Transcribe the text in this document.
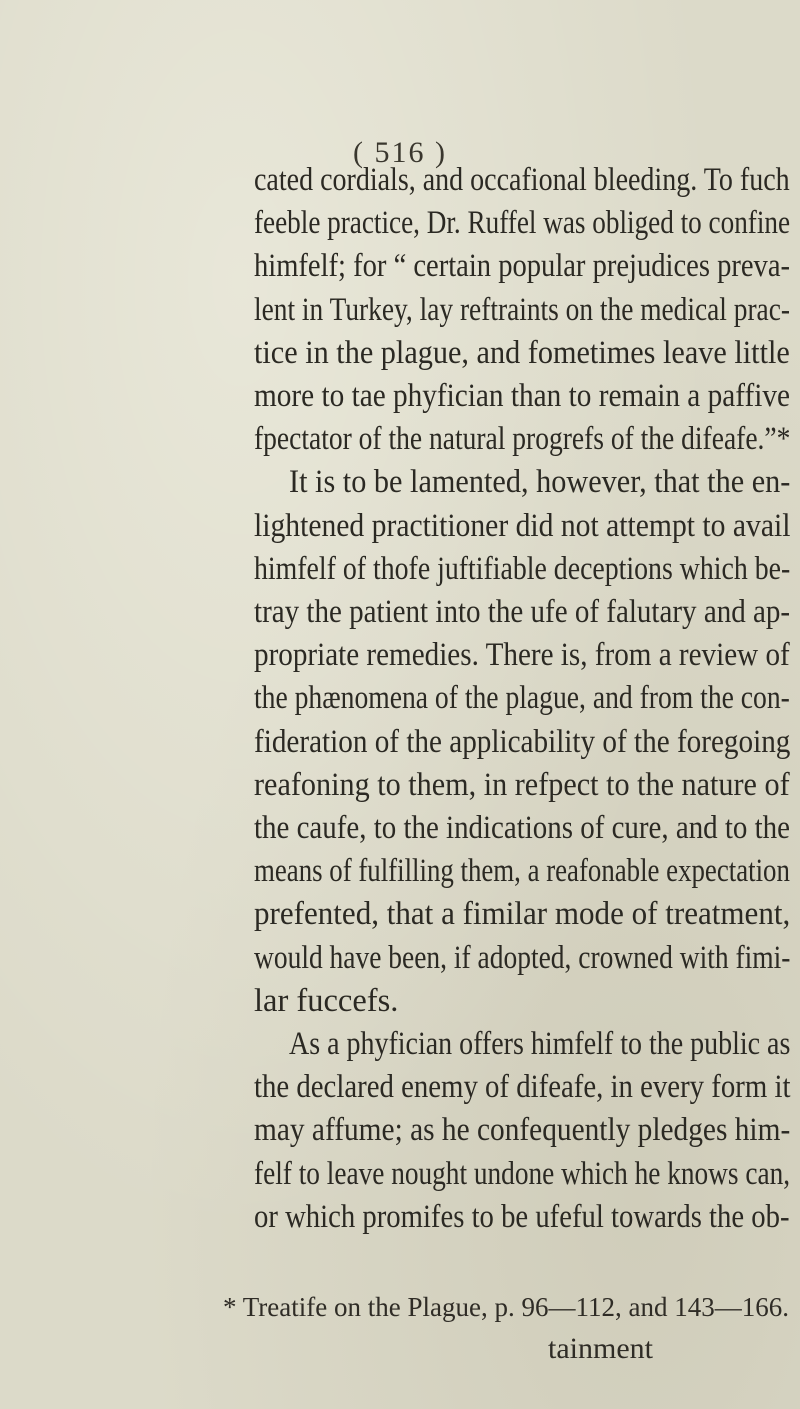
( 516 )
cated cordials, and occafional bleeding. To fuch
feeble practice, Dr. Ruffel was obliged to confine
himfelf; for “ certain popular prejudices preva-
lent in Turkey, lay reftraints on the medical prac-
tice in the plague, and fometimes leave little
more to tae phyfician than to remain a paffive
fpectator of the natural progrefs of the difeafe.”*
It is to be lamented, however, that the en-
lightened practitioner did not attempt to avail
himfelf of thofe juftifiable deceptions which be-
tray the patient into the ufe of falutary and ap-
propriate remedies. There is, from a review of
the phænomena of the plague, and from the con-
fideration of the applicability of the foregoing
reafoning to them, in refpect to the nature of
the caufe, to the indications of cure, and to the
means of fulfilling them, a reafonable expectation
prefented, that a fimilar mode of treatment,
would have been, if adopted, crowned with fimi-
lar fuccefs.
As a phyfician offers himfelf to the public as
the declared enemy of difeafe, in every form it
may affume; as he confequently pledges him-
felf to leave nought undone which he knows can,
or which promifes to be ufeful towards the ob-
* Treatife on the Plague, p. 96—112, and 143—166.
tainment
